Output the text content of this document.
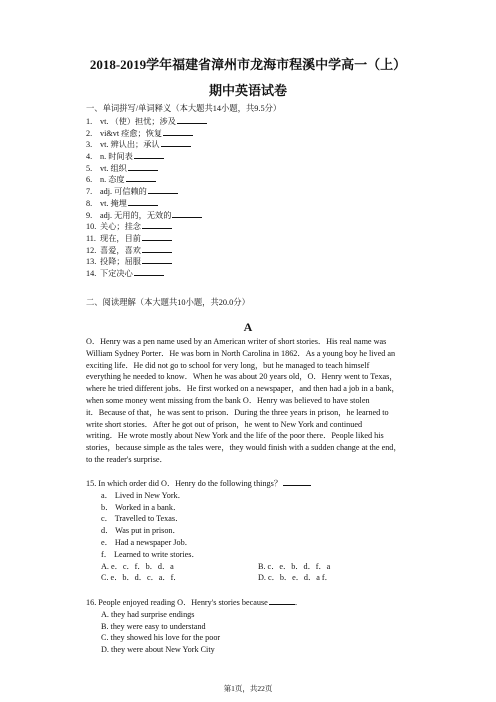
2018-2019学年福建省漳州市龙海市程溪中学高一（上）
期中英语试卷
一、单词拼写/单词释义（本大题共14小题，共9.5分）
1. vt. （使）担忧；涉及
2. vi&vt 痊愈；恢复
3. vt. 辨认出；承认
4. n. 时间表
5. vt. 组织
6. n. 态度
7. adj. 可信赖的
8. vt. 掩埋
9. adj. 无用的，无效的
10. 关心；挂念
11. 现在，目前
12. 喜爱，喜欢
13. 投降；屈服
14. 下定决心
二、阅读理解（本大题共10小题，共20.0分）
A
O．Henry was a pen name used by an American writer of short stories．His real name was
William Sydney Porter．He was born in North Carolina in 1862．As a young boy he lived an
exciting life．He did not go to school for very long，but he managed to teach himself
everything he needed to know．When he was about 20 years old，O．Henry went to Texas，
where he tried different jobs．He first worked on a newspaper，and then had a job in a bank，
when some money went missing from the bank O．Henry was believed to have stolen
it．Because of that，he was sent to prison．During the three years in prison，he learned to
write short stories．After he got out of prison，he went to New York and continued
writing．He wrote mostly about New York and the life of the poor there．People liked his
stories，because simple as the tales were，they would finish with a sudden change at the end，
to the reader's surprise．
15. In which order did O．Henry do the following things？
a． Lived in New York．
b． Worked in a bank．
c． Travelled to Texas．
d． Was put in prison．
e． Had a newspaper Job．
f． Learned to write stories．
A. e．c．f．b．d．a	B. c．e．b．d．f．a
C. e．b．d．c．a．f．	D. c．b．e．d．a f．
16. People enjoyed reading O．Henry's stories because	．
A. they had surprise endings
B. they were easy to understand
C. they showed his love for the poor
D. they were about New York City
第1页，共22页
